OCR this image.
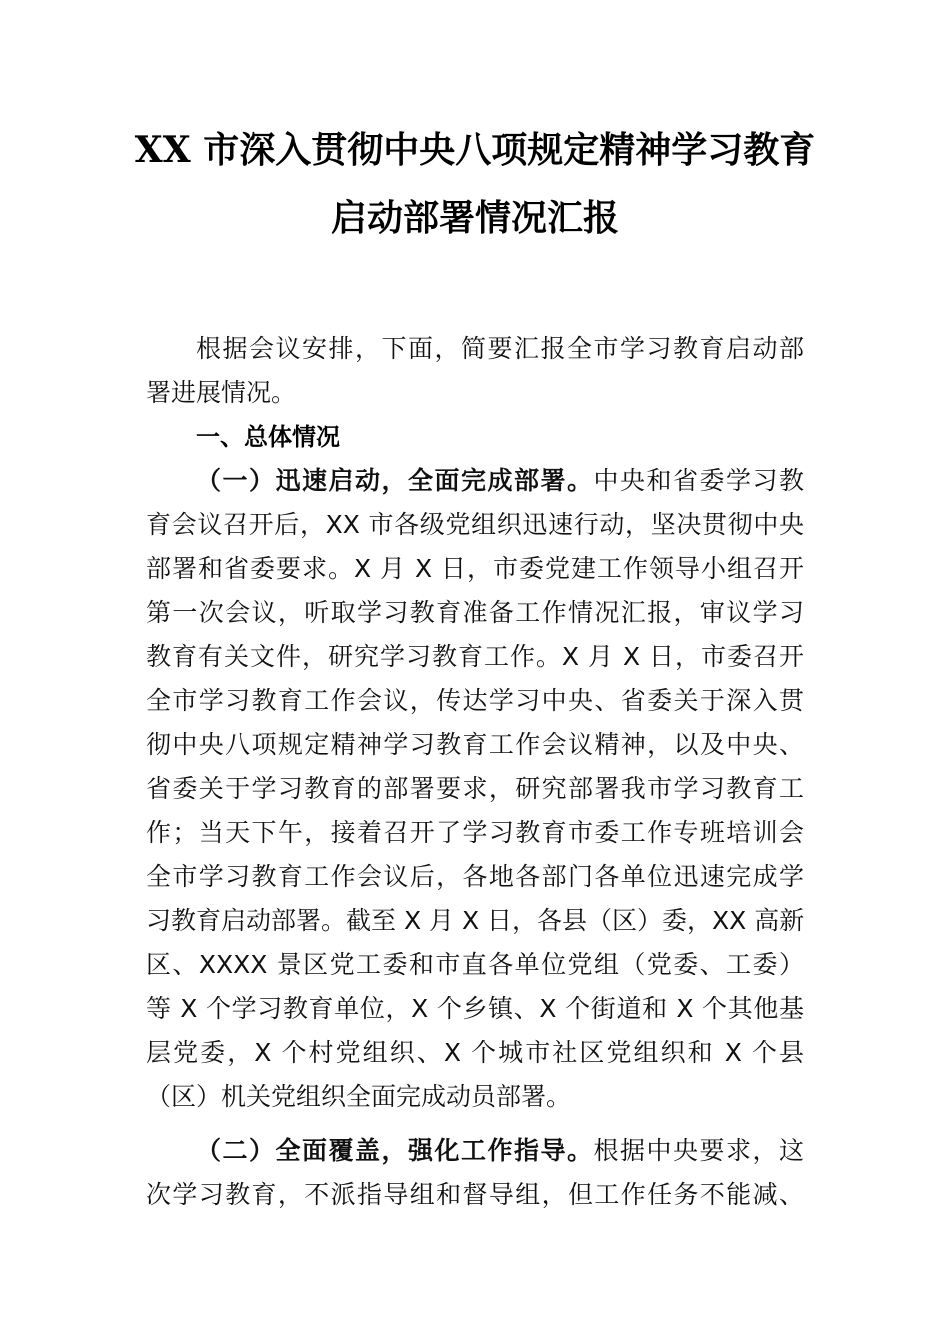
XX 市深入贯彻中央八项规定精神学习教育
启动部署情况汇报
根据会议安排，下面，简要汇报全市学习教育启动部
署进展情况。
一、总体情况
（一）迅速启动，全面完成部署。中央和省委学习教
育会议召开后，XX 市各级党组织迅速行动，坚决贯彻中央
部署和省委要求。X 月 X 日，市委党建工作领导小组召开
第一次会议，听取学习教育准备工作情况汇报，审议学习
教育有关文件，研究学习教育工作。X 月 X 日，市委召开
全市学习教育工作会议，传达学习中央、省委关于深入贯
彻中央八项规定精神学习教育工作会议精神，以及中央、
省委关于学习教育的部署要求，研究部署我市学习教育工
作；当天下午，接着召开了学习教育市委工作专班培训会
全市学习教育工作会议后，各地各部门各单位迅速完成学
习教育启动部署。截至 X 月 X 日，各县（区）委，XX 高新
区、XXXX 景区党工委和市直各单位党组（党委、工委）
等 X 个学习教育单位，X 个乡镇、X 个街道和 X 个其他基
层党委，X 个村党组织、X 个城市社区党组织和 X 个县
（区）机关党组织全面完成动员部署。
（二）全面覆盖，强化工作指导。根据中央要求，这
次学习教育，不派指导组和督导组，但工作任务不能减、
